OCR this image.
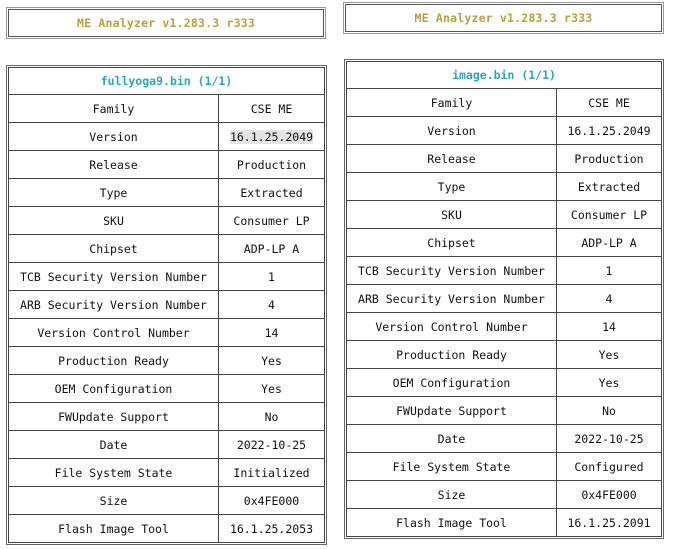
ME Analyzer v1.283.3 r333
fullyoga9.bin (1/1)	
Family	CSE ME
Version	16.1.25.2049
Release	Production
Type	Extracted
SKU	Consumer LP
Chipset	ADP-LP A
TCB Security Version Number	1
ARB Security Version Number	4
Version Control Number	14
Production Ready	Yes
OEM Configuration	Yes
FWUpdate Support	No
Date	2022-10-25
File System State	Initialized
Size	0x4FE000
Flash Image Tool	16.1.25.2053
ME Analyzer v1.283.3 r333
image.bin (1/1)	
Family	CSE ME
Version	16.1.25.2049
Release	Production
Type	Extracted
SKU	Consumer LP
Chipset	ADP-LP A
TCB Security Version Number	1
ARB Security Version Number	4
Version Control Number	14
Production Ready	Yes
OEM Configuration	Yes
FWUpdate Support	No
Date	2022-10-25
File System State	Configured
Size	0x4FE000
Flash Image Tool	16.1.25.2091
